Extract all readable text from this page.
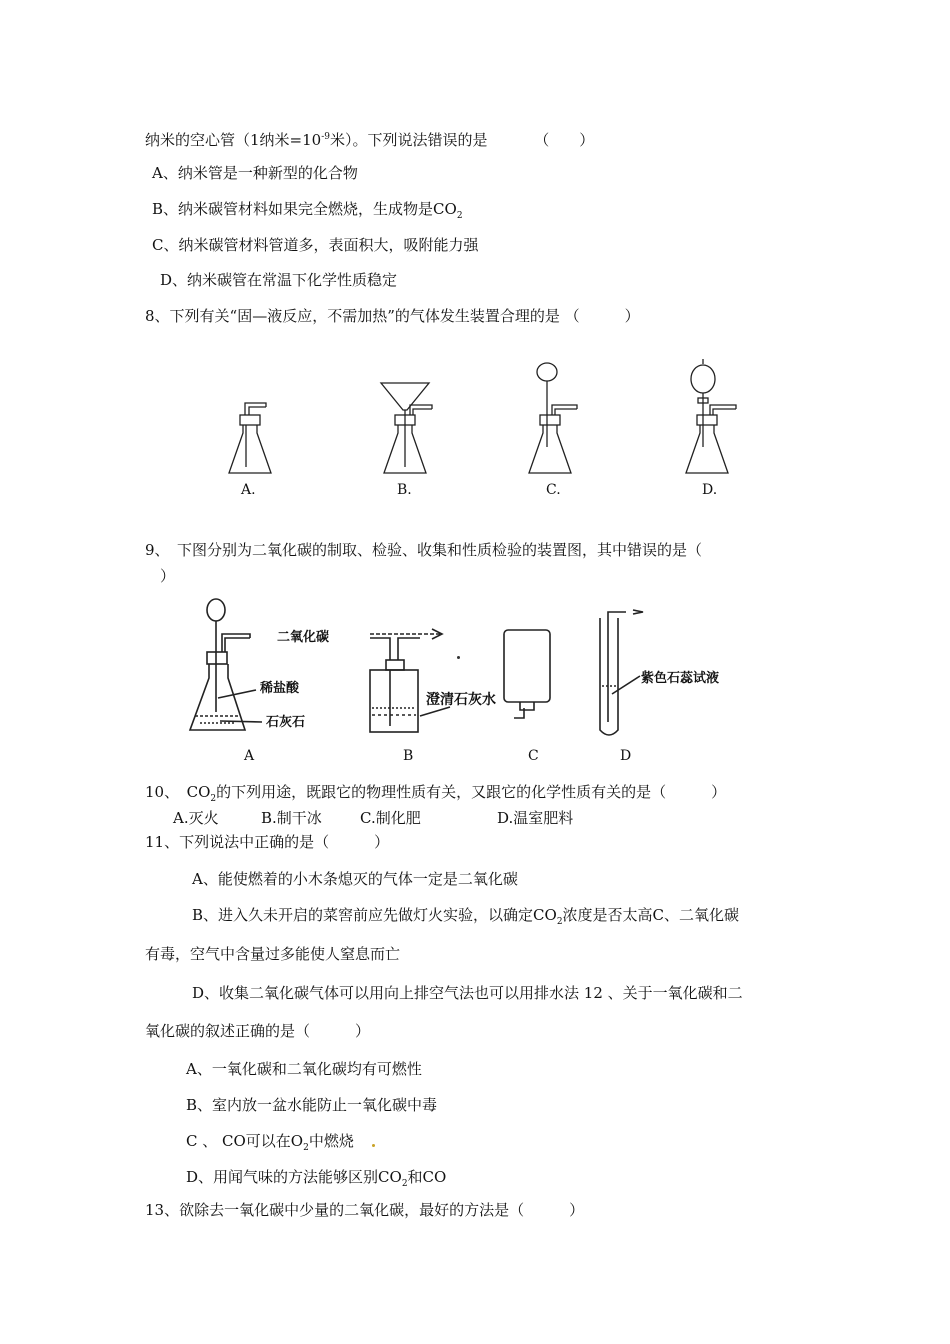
纳米的空心管（1纳米$=10^{-9}$米）。下列说法错误的是	（　　）
A、纳米管是一种新型的化合物
B、纳米碳管材料如果完全燃烧，生成物是$CO_2$
C、纳米碳管材料管道多，表面积大，吸附能力强
D、纳米碳管在常温下化学性质稳定
8、下列有关“固—液反应，不需加热”的气体发生装置合理的是 （　　　）
A.	B.	C.	D.
9、　下图分别为二氧化碳的制取、检验、收集和性质检验的装置图，其中错误的是（
）
二氧化碳
稀盐酸
石灰石
澄清石灰水
紫色石蕊试液
A	B	C	D
10、　$CO_2$的下列用途，既跟它的物理性质有关，又跟它的化学性质有关的是（　　　）
A.灭火	B.制干冰	C.制化肥	D.温室肥料
11、下列说法中正确的是（　　　）
A、能使燃着的小木条熄灭的气体一定是二氧化碳
B、进入久未开启的菜窖前应先做灯火实验，以确定$CO_2$浓度是否太高C、二氧化碳
有毒，空气中含量过多能使人窒息而亡
D、收集二氧化碳气体可以用向上排空气法也可以用排水法 12 、关于一氧化碳和二
氧化碳的叙述正确的是（　　　）
A、一氧化碳和二氧化碳均有可燃性
B、室内放一盆水能防止一氧化碳中毒
C 、 CO可以在$O_2$中燃烧
D、用闻气味的方法能够区别$CO_2$和CO
13、欲除去一氧化碳中少量的二氧化碳，最好的方法是（　　　）
